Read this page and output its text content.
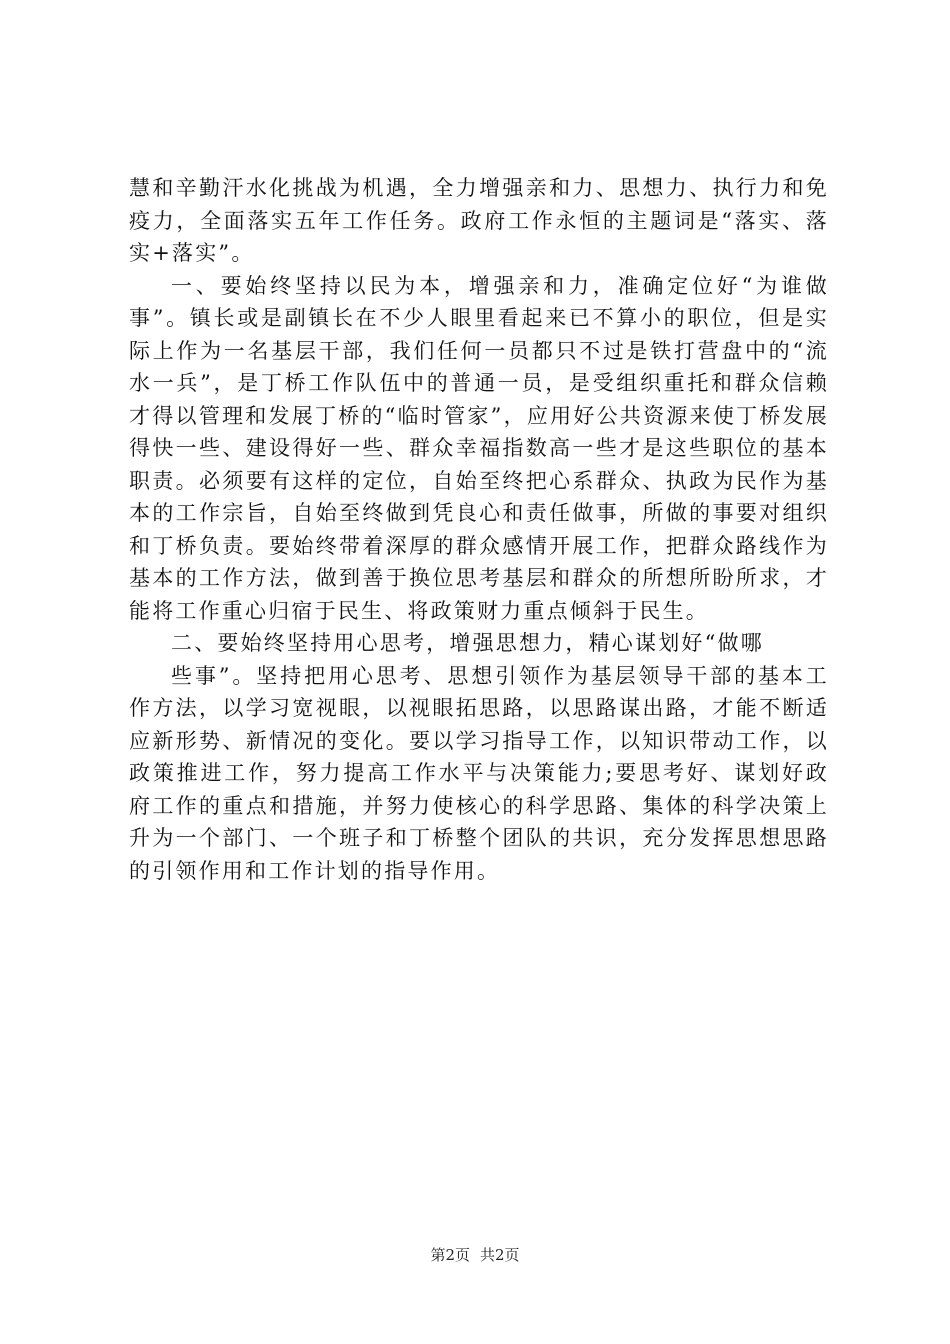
慧和辛勤汗水化挑战为机遇，全力增强亲和力、思想力、执行力和免疫力，全面落实五年工作任务。政府工作永恒的主题词是“落实、落实+落实”。

一、要始终坚持以民为本，增强亲和力，准确定位好“为谁做事”。镇长或是副镇长在不少人眼里看起来已不算小的职位，但是实际上作为一名基层干部，我们任何一员都只不过是铁打营盘中的“流水一兵”，是丁桥工作队伍中的普通一员，是受组织重托和群众信赖才得以管理和发展丁桥的“临时管家”，应用好公共资源来使丁桥发展得快一些、建设得好一些、群众幸福指数高一些才是这些职位的基本职责。必须要有这样的定位，自始至终把心系群众、执政为民作为基本的工作宗旨，自始至终做到凭良心和责任做事，所做的事要对组织和丁桥负责。要始终带着深厚的群众感情开展工作，把群众路线作为基本的工作方法，做到善于换位思考基层和群众的所想所盼所求，才能将工作重心归宿于民生、将政策财力重点倾斜于民生。

二、要始终坚持用心思考，增强思想力，精心谋划好“做哪

些事”。坚持把用心思考、思想引领作为基层领导干部的基本工作方法，以学习宽视眼，以视眼拓思路，以思路谋出路，才能不断适应新形势、新情况的变化。要以学习指导工作，以知识带动工作，以政策推进工作，努力提高工作水平与决策能力;要思考好、谋划好政府工作的重点和措施，并努力使核心的科学思路、集体的科学决策上升为一个部门、一个班子和丁桥整个团队的共识，充分发挥思想思路的引领作用和工作计划的指导作用。

第2页 共2页
